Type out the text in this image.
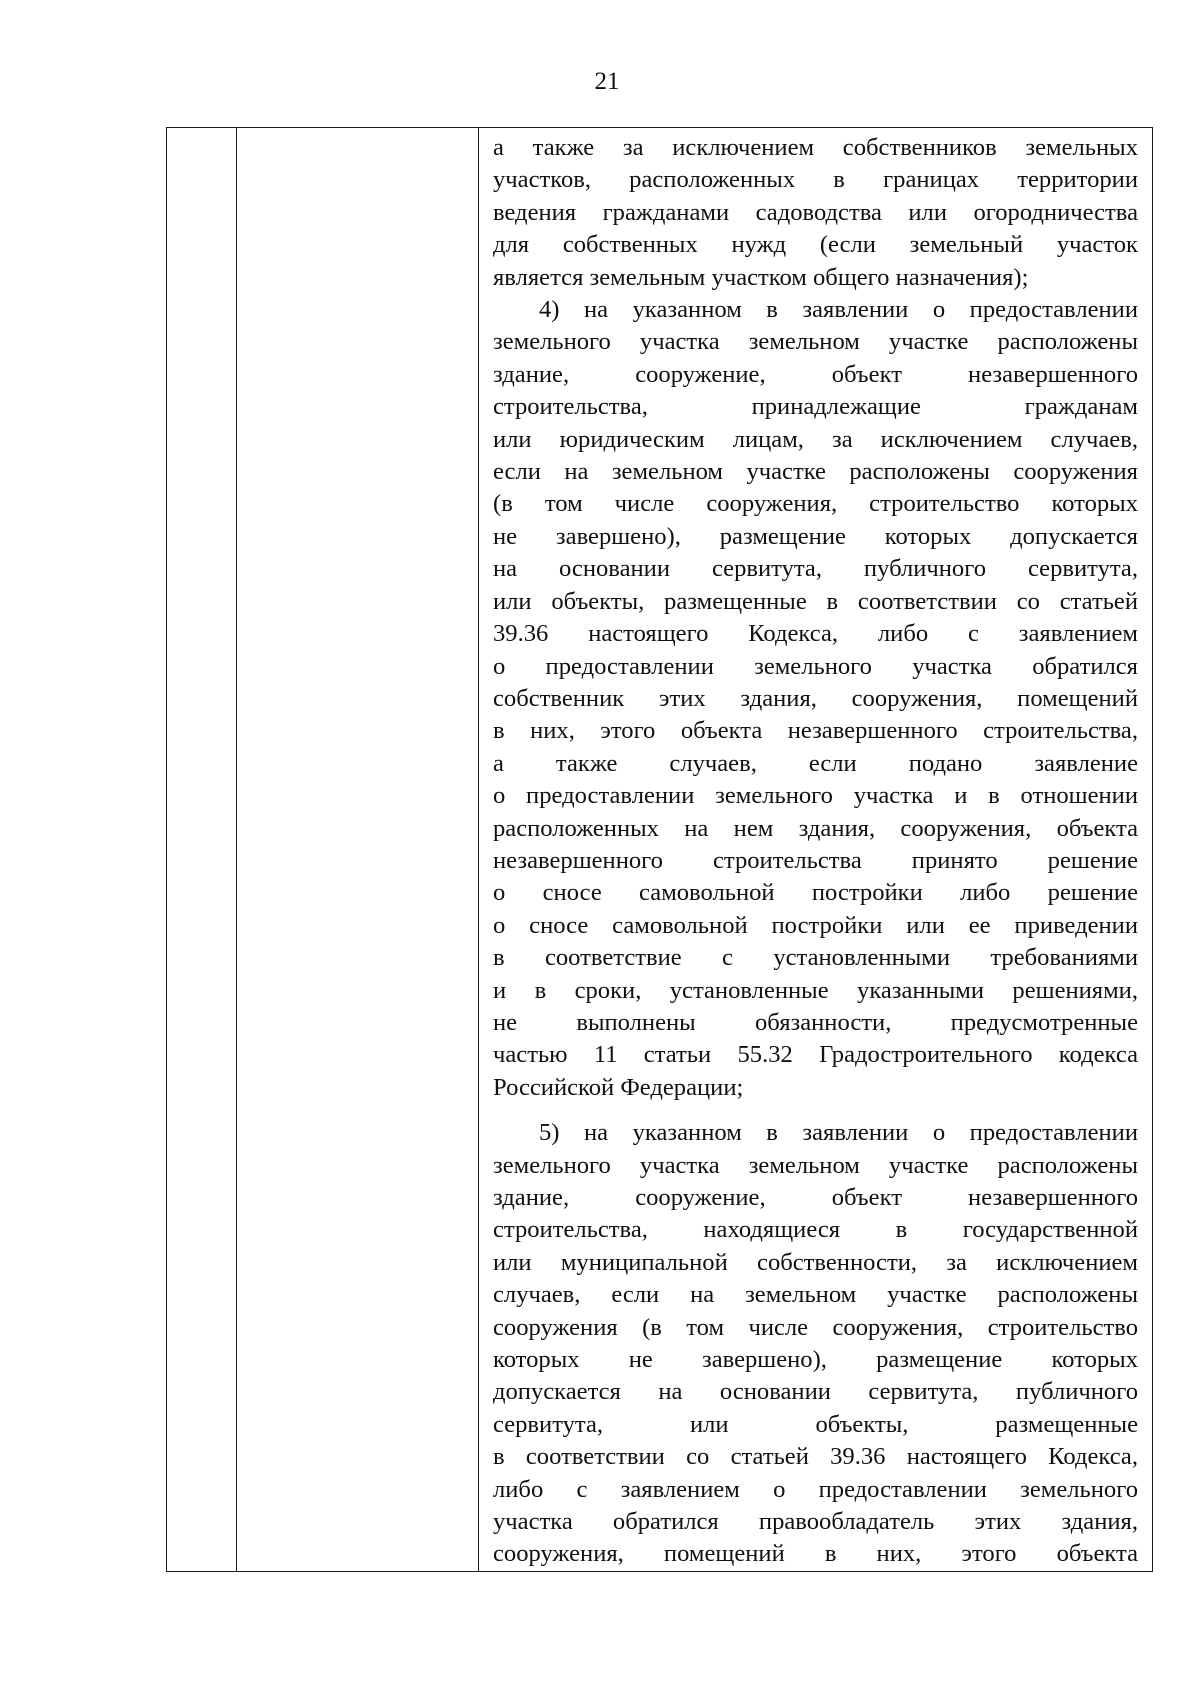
21

а также за исключением собственников земельных
участков, расположенных в границах территории
ведения гражданами садоводства или огородничества
для собственных нужд (если земельный участок
является земельным участком общего назначения);

4) на указанном в заявлении о предоставлении
земельного участка земельном участке расположены
здание, сооружение, объект незавершенного
строительства, принадлежащие гражданам
или юридическим лицам, за исключением случаев,
если на земельном участке расположены сооружения
(в том числе сооружения, строительство которых
не завершено), размещение которых допускается
на основании сервитута, публичного сервитута,
или объекты, размещенные в соответствии со статьей
39.36 настоящего Кодекса, либо с заявлением
о предоставлении земельного участка обратился
собственник этих здания, сооружения, помещений
в них, этого объекта незавершенного строительства,
а также случаев, если подано заявление
о предоставлении земельного участка и в отношении
расположенных на нем здания, сооружения, объекта
незавершенного строительства принято решение
о сносе самовольной постройки либо решение
о сносе самовольной постройки или ее приведении
в соответствие с установленными требованиями
и в сроки, установленные указанными решениями,
не выполнены обязанности, предусмотренные
частью 11 статьи 55.32 Градостроительного кодекса
Российской Федерации;

5) на указанном в заявлении о предоставлении
земельного участка земельном участке расположены
здание, сооружение, объект незавершенного
строительства, находящиеся в государственной
или муниципальной собственности, за исключением
случаев, если на земельном участке расположены
сооружения (в том числе сооружения, строительство
которых не завершено), размещение которых
допускается на основании сервитута, публичного
сервитута, или объекты, размещенные
в соответствии со статьей 39.36 настоящего Кодекса,
либо с заявлением о предоставлении земельного
участка обратился правообладатель этих здания,
сооружения, помещений в них, этого объекта
